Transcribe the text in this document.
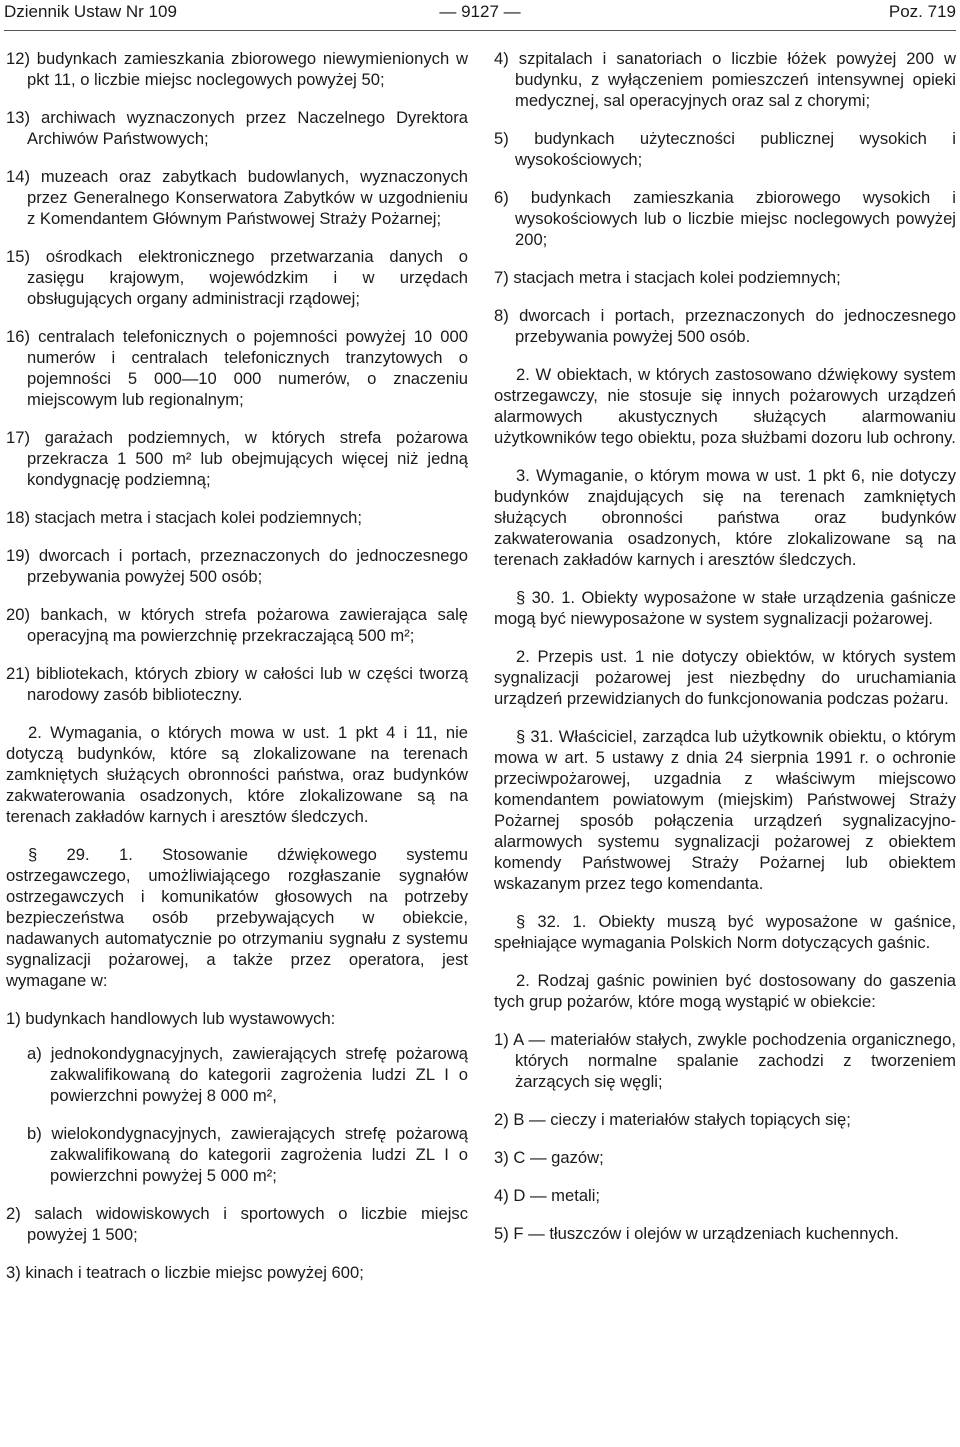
Dziennik Ustaw Nr 109	— 9127 —	Poz. 719

12) budynkach zamieszkania zbiorowego niewymienionych w pkt 11, o liczbie miejsc noclegowych powyżej 50;

13) archiwach wyznaczonych przez Naczelnego Dyrektora Archiwów Państwowych;

14) muzeach oraz zabytkach budowlanych, wyznaczonych przez Generalnego Konserwatora Zabytków w uzgodnieniu z Komendantem Głównym Państwowej Straży Pożarnej;

15) ośrodkach elektronicznego przetwarzania danych o zasięgu krajowym, wojewódzkim i w urzędach obsługujących organy administracji rządowej;

16) centralach telefonicznych o pojemności powyżej 10 000 numerów i centralach telefonicznych tranzytowych o pojemności 5 000—10 000 numerów, o znaczeniu miejscowym lub regionalnym;

17) garażach podziemnych, w których strefa pożarowa przekracza 1 500 m² lub obejmujących więcej niż jedną kondygnację podziemną;

18) stacjach metra i stacjach kolei podziemnych;

19) dworcach i portach, przeznaczonych do jednoczesnego przebywania powyżej 500 osób;

20) bankach, w których strefa pożarowa zawierająca salę operacyjną ma powierzchnię przekraczającą 500 m²;

21) bibliotekach, których zbiory w całości lub w części tworzą narodowy zasób biblioteczny.

2. Wymagania, o których mowa w ust. 1 pkt 4 i 11, nie dotyczą budynków, które są zlokalizowane na terenach zamkniętych służących obronności państwa, oraz budynków zakwaterowania osadzonych, które zlokalizowane są na terenach zakładów karnych i aresztów śledczych.

§ 29. 1. Stosowanie dźwiękowego systemu ostrzegawczego, umożliwiającego rozgłaszanie sygnałów ostrzegawczych i komunikatów głosowych na potrzeby bezpieczeństwa osób przebywających w obiekcie, nadawanych automatycznie po otrzymaniu sygnału z systemu sygnalizacji pożarowej, a także przez operatora, jest wymagane w:

1) budynkach handlowych lub wystawowych:

a) jednokondygnacyjnych, zawierających strefę pożarową zakwalifikowaną do kategorii zagrożenia ludzi ZL I o powierzchni powyżej 8 000 m²,

b) wielokondygnacyjnych, zawierających strefę pożarową zakwalifikowaną do kategorii zagrożenia ludzi ZL I o powierzchni powyżej 5 000 m²;

2) salach widowiskowych i sportowych o liczbie miejsc powyżej 1 500;

3) kinach i teatrach o liczbie miejsc powyżej 600;

4) szpitalach i sanatoriach o liczbie łóżek powyżej 200 w budynku, z wyłączeniem pomieszczeń intensywnej opieki medycznej, sal operacyjnych oraz sal z chorymi;

5) budynkach użyteczności publicznej wysokich i wysokościowych;

6) budynkach zamieszkania zbiorowego wysokich i wysokościowych lub o liczbie miejsc noclegowych powyżej 200;

7) stacjach metra i stacjach kolei podziemnych;

8) dworcach i portach, przeznaczonych do jednoczesnego przebywania powyżej 500 osób.

2. W obiektach, w których zastosowano dźwiękowy system ostrzegawczy, nie stosuje się innych pożarowych urządzeń alarmowych akustycznych służących alarmowaniu użytkowników tego obiektu, poza służbami dozoru lub ochrony.

3. Wymaganie, o którym mowa w ust. 1 pkt 6, nie dotyczy budynków znajdujących się na terenach zamkniętych służących obronności państwa oraz budynków zakwaterowania osadzonych, które zlokalizowane są na terenach zakładów karnych i aresztów śledczych.

§ 30. 1. Obiekty wyposażone w stałe urządzenia gaśnicze mogą być niewyposażone w system sygnalizacji pożarowej.

2. Przepis ust. 1 nie dotyczy obiektów, w których system sygnalizacji pożarowej jest niezbędny do uruchamiania urządzeń przewidzianych do funkcjonowania podczas pożaru.

§ 31. Właściciel, zarządca lub użytkownik obiektu, o którym mowa w art. 5 ustawy z dnia 24 sierpnia 1991 r. o ochronie przeciwpożarowej, uzgadnia z właściwym miejscowo komendantem powiatowym (miejskim) Państwowej Straży Pożarnej sposób połączenia urządzeń sygnalizacyjno-alarmowych systemu sygnalizacji pożarowej z obiektem komendy Państwowej Straży Pożarnej lub obiektem wskazanym przez tego komendanta.

§ 32. 1. Obiekty muszą być wyposażone w gaśnice, spełniające wymagania Polskich Norm dotyczących gaśnic.

2. Rodzaj gaśnic powinien być dostosowany do gaszenia tych grup pożarów, które mogą wystąpić w obiekcie:

1) A — materiałów stałych, zwykle pochodzenia organicznego, których normalne spalanie zachodzi z tworzeniem żarzących się węgli;

2) B — cieczy i materiałów stałych topiących się;

3) C — gazów;

4) D — metali;

5) F — tłuszczów i olejów w urządzeniach kuchennych.
